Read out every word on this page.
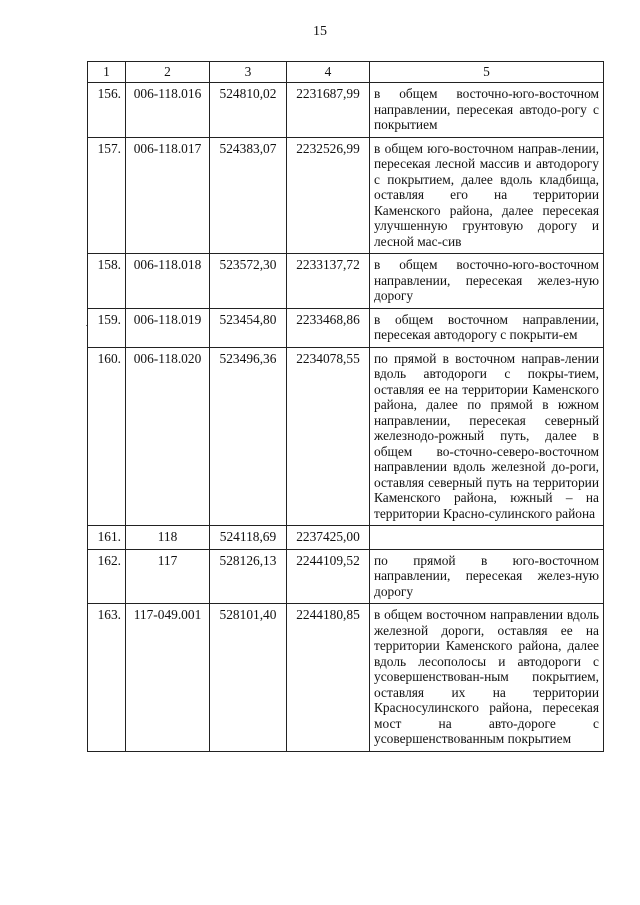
15
1	2	3	4	5
156.	006-118.016	524810,02	2231687,99	в общем восточно-юго-восточном направлении, пересекая автодо-рогу с покрытием
157.	006-118.017	524383,07	2232526,99	в общем юго-восточном направ-лении, пересекая лесной массив и автодорогу с покрытием, далее вдоль кладбища, оставляя его на территории Каменского района, далее пересекая улучшенную грунтовую дорогу и лесной мас-сив
158.	006-118.018	523572,30	2233137,72	в общем восточно-юго-восточном направлении, пересекая желез-ную дорогу
159.	006-118.019	523454,80	2233468,86	в общем восточном направлении, пересекая автодорогу с покрыти-ем
160.	006-118.020	523496,36	2234078,55	по прямой в восточном направ-лении вдоль автодороги с покры-тием, оставляя ее на территории Каменского района, далее по прямой в южном направлении, пересекая северный железнодо-рожный путь, далее в общем во-сточно-северо-восточном направлении вдоль железной до-роги, оставляя северный путь на территории Каменского района, южный – на территории Красно-сулинского района
161.	118	524118,69	2237425,00	
162.	117	528126,13	2244109,52	по прямой в юго-восточном направлении, пересекая желез-ную дорогу
163.	117-049.001	528101,40	2244180,85	в общем восточном направлении вдоль железной дороги, оставляя ее на территории Каменского района, далее вдоль лесополосы и автодороги с усовершенствован-ным покрытием, оставляя их на территории Красносулинского района, пересекая мост на авто-дороге с усовершенствованным покрытием
